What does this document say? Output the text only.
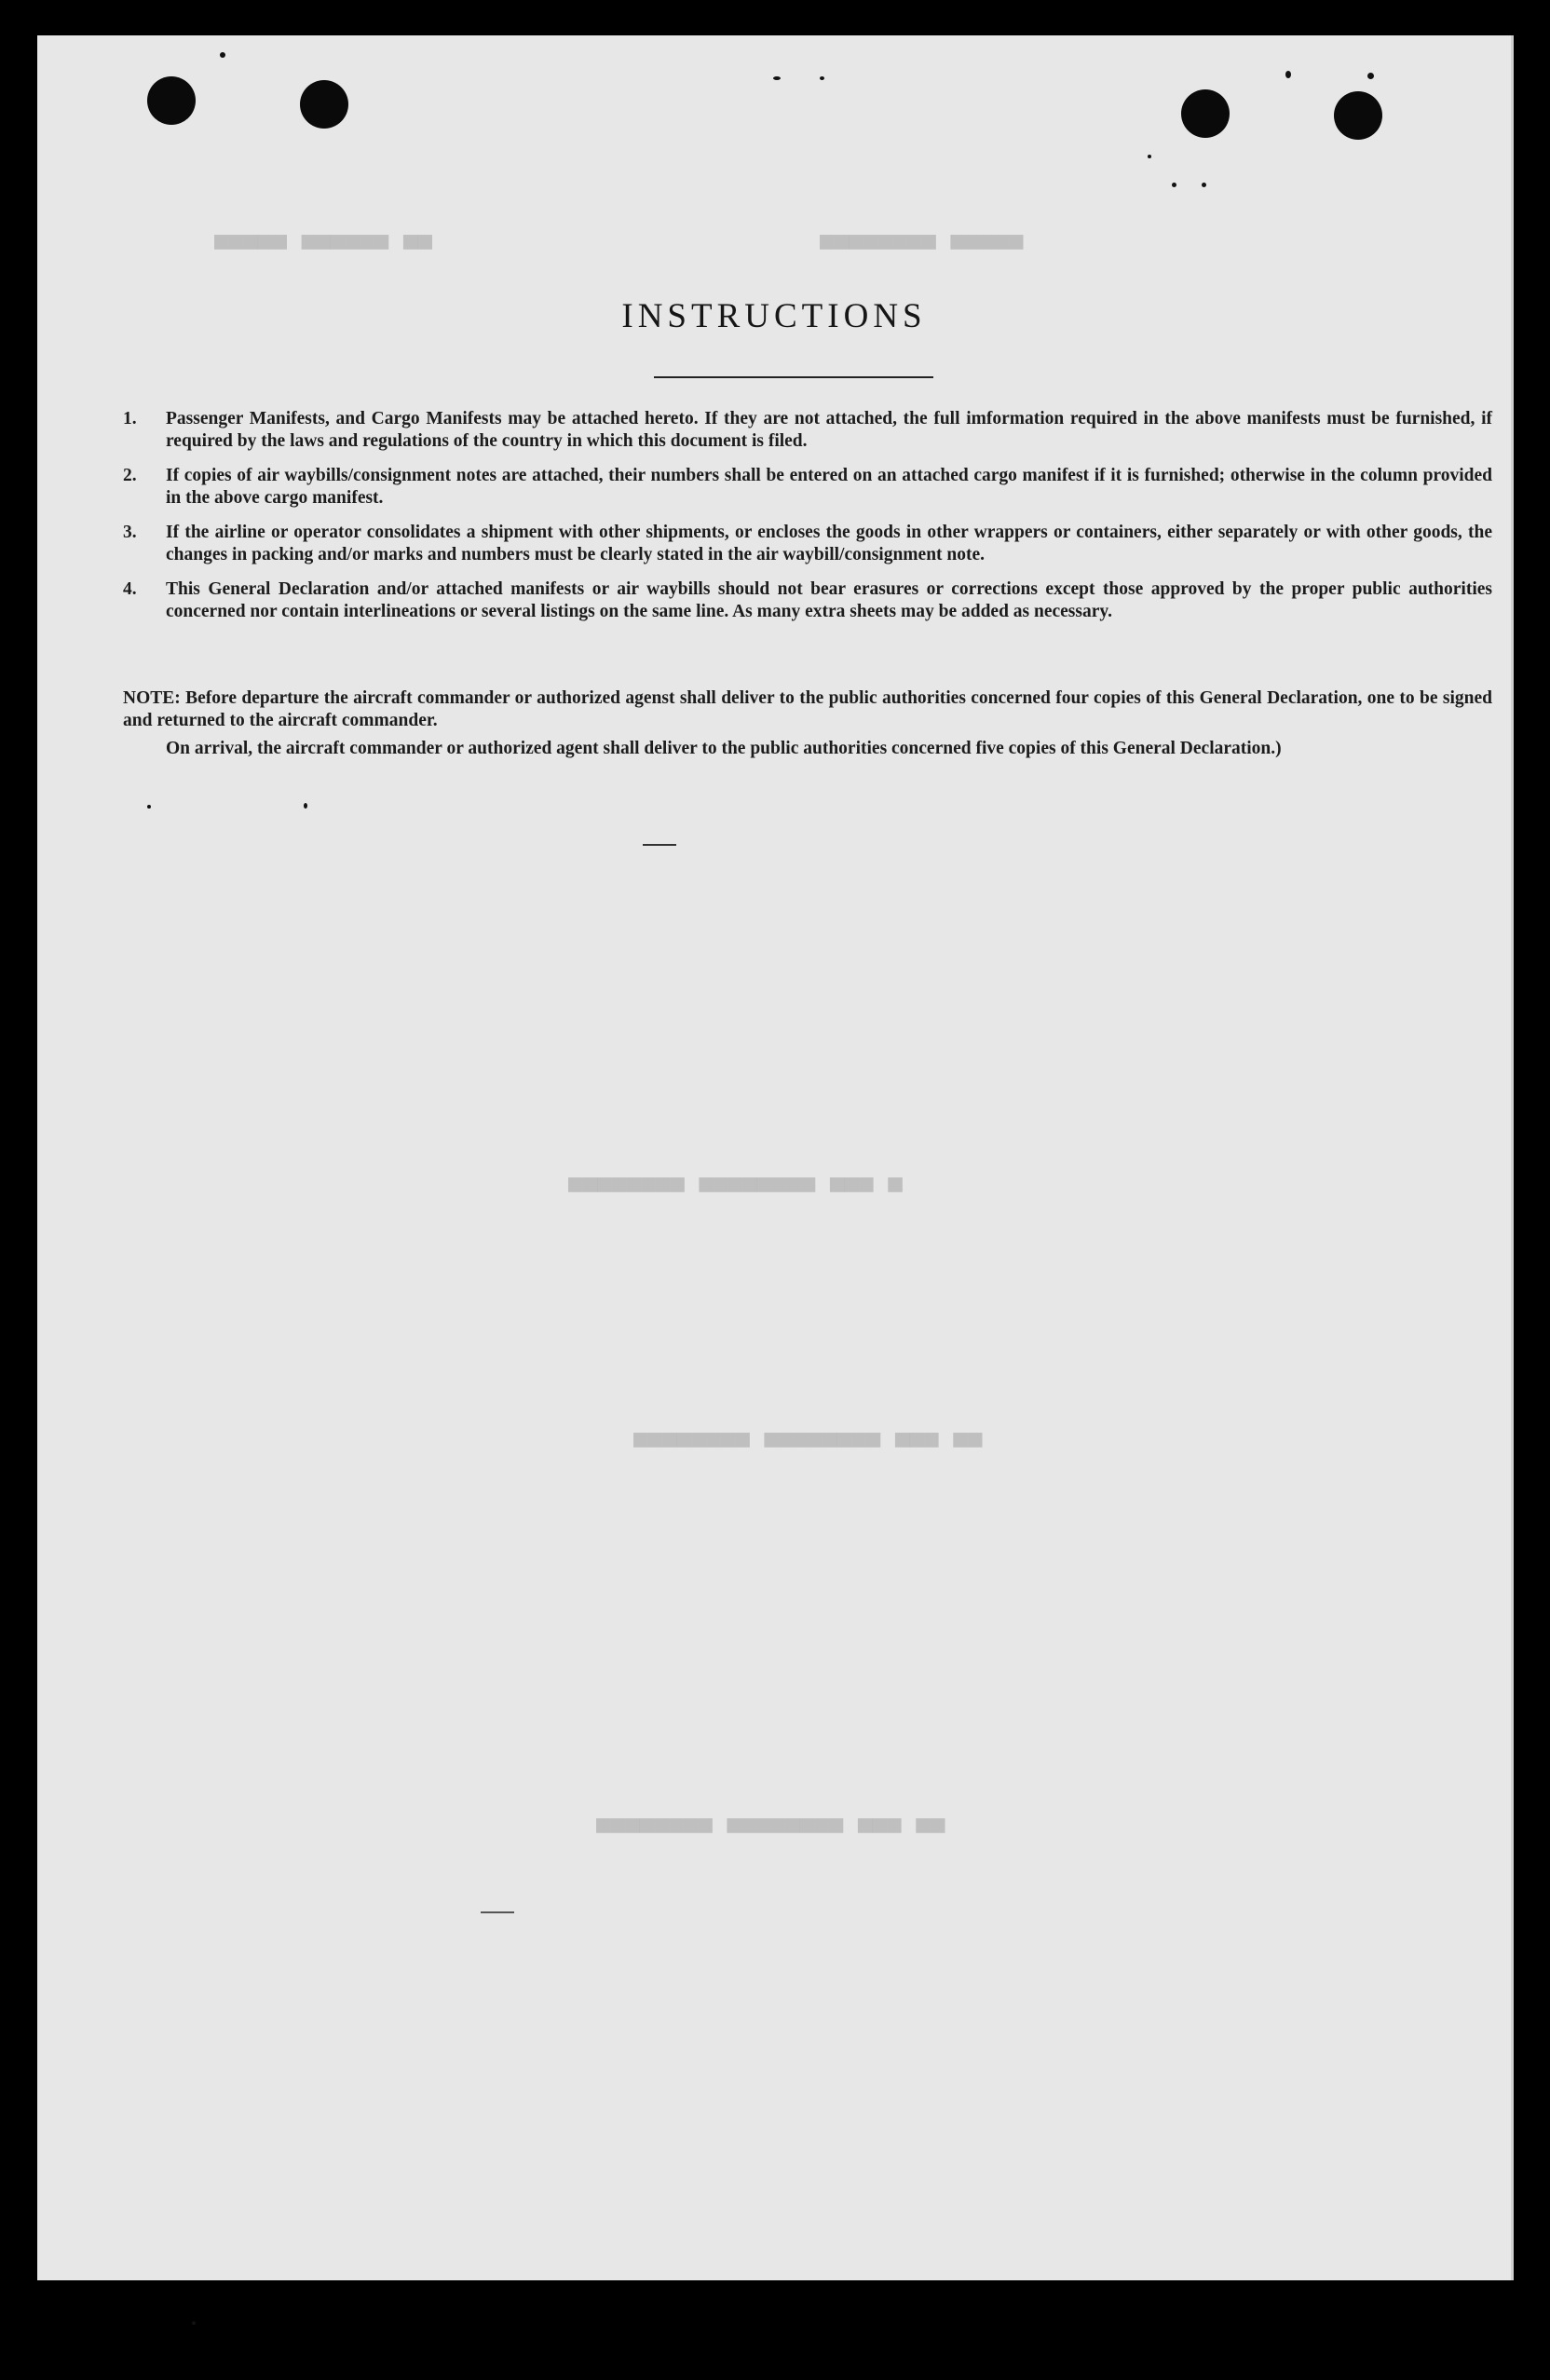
▄▄ ▄▄▄▄▄▄ ▄▄▄▄▄	▄▄▄▄▄ ▄▄▄▄▄▄▄▄
▄ ▄▄▄ ▄▄▄▄▄▄▄▄ ▄▄▄▄▄▄▄▄
▄▄ ▄▄▄ ▄▄▄▄▄▄▄▄ ▄▄▄▄▄▄▄▄
▄▄ ▄▄▄ ▄▄▄▄▄▄▄▄ ▄▄▄▄▄▄▄▄
INSTRUCTIONS
1. Passenger Manifests, and Cargo Manifests may be attached hereto. If they are not attached, the full imformation required in the above manifests must be furnished, if required by the laws and regulations of the country in which this document is filed.
2. If copies of air waybills/consignment notes are attached, their numbers shall be entered on an attached cargo manifest if it is furnished; otherwise in the column provided in the above cargo manifest.
3. If the airline or operator consolidates a shipment with other shipments, or encloses the goods in other wrappers or containers, either separately or with other goods, the changes in packing and/or marks and numbers must be clearly stated in the air waybill/consignment note.
4. This General Declaration and/or attached manifests or air waybills should not bear erasures or corrections except those approved by the proper public authorities concerned nor contain interlineations or several listings on the same line. As many extra sheets may be added as necessary.

NOTE: Before departure the aircraft commander or authorized agenst shall deliver to the public authorities concerned four copies of this General Declaration, one to be signed and returned to the aircraft commander.

On arrival, the aircraft commander or authorized agent shall deliver to the public authorities concerned five copies of this General Declaration.)
